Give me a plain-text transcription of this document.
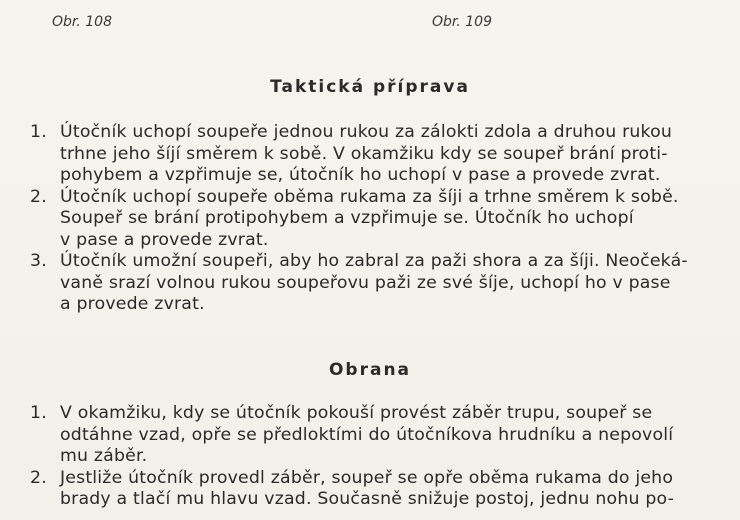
Obr. 108	Obr. 109
Taktická příprava
1. Útočník uchopí soupeře jednou rukou za zálokti zdola a druhou rukou
trhne jeho šíjí směrem k sobě. V okamžiku kdy se soupeř brání proti-
pohybem a vzpřimuje se, útočník ho uchopí v pase a provede zvrat.
2. Útočník uchopí soupeře oběma rukama za šíji a trhne směrem k sobě.
Soupeř se brání protipohybem a vzpřimuje se. Útočník ho uchopí
v pase a provede zvrat.
3. Útočník umožní soupeři, aby ho zabral za paži shora a za šíji. Neočeká-
vaně srazí volnou rukou soupeřovu paži ze své šíje, uchopí ho v pase
a provede zvrat.
Obrana
1. V okamžiku, kdy se útočník pokouší provést záběr trupu, soupeř se
odtáhne vzad, opře se předloktími do útočníkova hrudníku a nepovolí
mu záběr.
2. Jestliže útočník provedl záběr, soupeř se opře oběma rukama do jeho
brady a tlačí mu hlavu vzad. Současně snižuje postoj, jednu nohu po-
